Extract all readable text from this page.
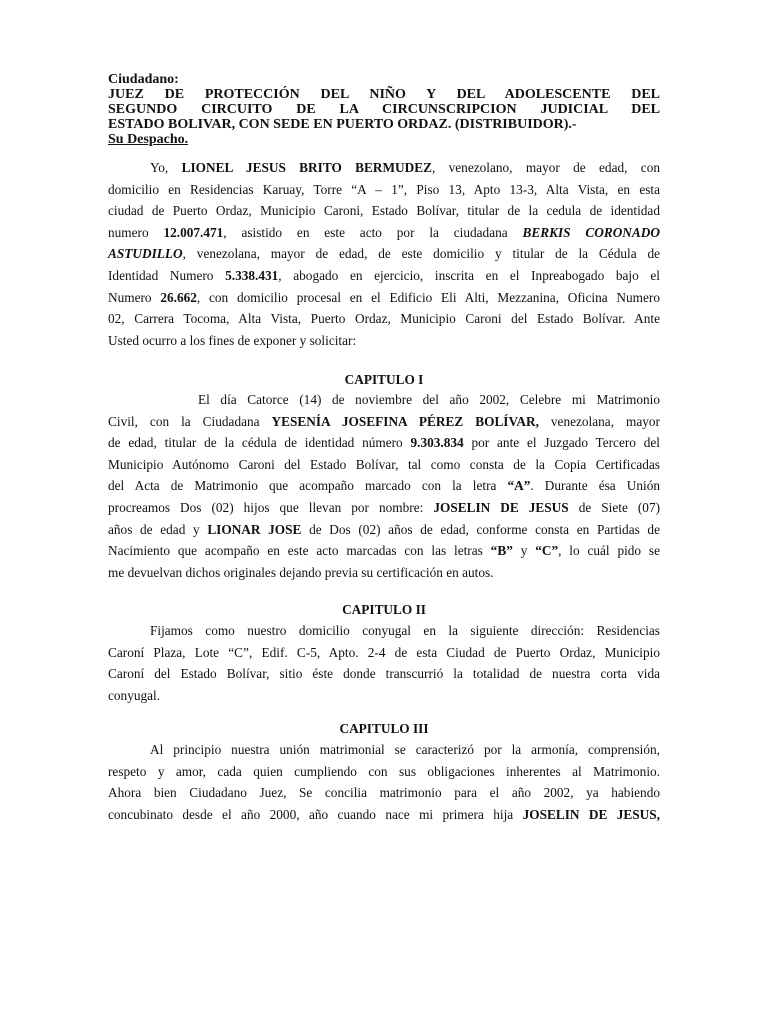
Ciudadano:
JUEZ DE PROTECCIÓN DEL NIÑO Y DEL ADOLESCENTE DEL
SEGUNDO CIRCUITO DE LA CIRCUNSCRIPCION JUDICIAL DEL
ESTADO BOLIVAR, CON SEDE EN PUERTO ORDAZ. (DISTRIBUIDOR).-
Su Despacho.
Yo, LIONEL JESUS BRITO BERMUDEZ, venezolano, mayor de edad, con
domicilio en Residencias Karuay, Torre “A – 1”, Piso 13, Apto 13-3, Alta Vista, en esta
ciudad de Puerto Ordaz, Municipio Caroni, Estado Bolívar, titular de la cedula de identidad
numero 12.007.471, asistido en este acto por la ciudadana BERKIS CORONADO
ASTUDILLO, venezolana, mayor de edad, de este domicilio y titular de la Cédula de
Identidad Numero 5.338.431, abogado en ejercicio, inscrita en el Inpreabogado bajo el
Numero 26.662, con domicilio procesal en el Edificio Eli Alti, Mezzanina, Oficina Numero
02, Carrera Tocoma, Alta Vista, Puerto Ordaz, Municipio Caroni del Estado Bolívar. Ante
Usted ocurro a los fines de exponer y solicitar:
CAPITULO I
El día Catorce (14) de noviembre del año 2002, Celebre mi Matrimonio
Civil, con la Ciudadana YESENÍA JOSEFINA PÉREZ BOLÍVAR, venezolana, mayor
de edad, titular de la cédula de identidad número 9.303.834 por ante el Juzgado Tercero del
Municipio Autónomo Caroni del Estado Bolívar, tal como consta de la Copia Certificadas
del Acta de Matrimonio que acompaño marcado con la letra “A”. Durante ésa Unión
procreamos Dos (02) hijos que llevan por nombre: JOSELIN DE JESUS de Siete (07)
años de edad y LIONAR JOSE de Dos (02) años de edad, conforme consta en Partidas de
Nacimiento que acompaño en este acto marcadas con las letras “B” y “C”, lo cuál pido se
me devuelvan dichos originales dejando previa su certificación en autos.
CAPITULO II
Fijamos como nuestro domicilio conyugal en la siguiente dirección: Residencias
Caroní Plaza, Lote “C”, Edif. C-5, Apto. 2-4 de esta Ciudad de Puerto Ordaz, Municipio
Caroní del Estado Bolívar, sitio éste donde transcurrió la totalidad de nuestra corta vida
conyugal.
CAPITULO III
Al principio nuestra unión matrimonial se caracterizó por la armonía, comprensión,
respeto y amor, cada quien cumpliendo con sus obligaciones inherentes al Matrimonio.
Ahora bien Ciudadano Juez, Se concilia matrimonio para el año 2002, ya habiendo
concubinato desde el año 2000, año cuando nace mi primera hija JOSELIN DE JESUS,
